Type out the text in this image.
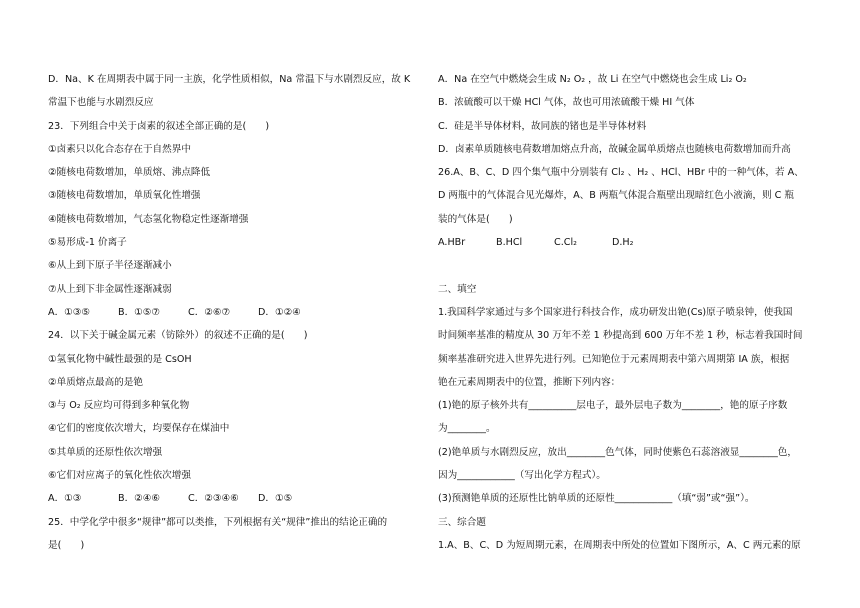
D．Na、K 在周期表中属于同一主族，化学性质相似，Na 常温下与水剧烈反应，故 K
常温下也能与水剧烈反应
23．下列组合中关于卤素的叙述全部正确的是(　　)
①卤素只以化合态存在于自然界中
②随核电荷数增加，单质熔、沸点降低
③随核电荷数增加，单质氧化性增强
④随核电荷数增加，气态氢化物稳定性逐渐增强
⑤易形成-1 价离子
⑥从上到下原子半径逐渐减小
⑦从上到下非金属性逐渐减弱
A．①③⑤	B．①⑤⑦	C．②⑥⑦	D．①②④
24．以下关于碱金属元素（钫除外）的叙述不正确的是(　　)
①氢氧化物中碱性最强的是 CsOH
②单质熔点最高的是铯
③与 O₂ 反应均可得到多种氧化物
④它们的密度依次增大，均要保存在煤油中
⑤其单质的还原性依次增强
⑥它们对应离子的氧化性依次增强
A．①③	B．②④⑥	C．②③④⑥	D．①⑤
25．中学化学中很多“规律”都可以类推，下列根据有关“规律”推出的结论正确的
是(　　)
A．Na 在空气中燃烧会生成 N₂ O₂ ，故 Li 在空气中燃烧也会生成 Li₂ O₂
B．浓硫酸可以干燥 HCl 气体，故也可用浓硫酸干燥 HI 气体
C．硅是半导体材料，故同族的锗也是半导体材料
D．卤素单质随核电荷数增加熔点升高，故碱金属单质熔点也随核电荷数增加而升高
26.A、B、C、D 四个集气瓶中分别装有 Cl₂ 、H₂ 、HCl、HBr 中的一种气体，若 A、
D 两瓶中的气体混合见光爆炸，A、B 两瓶气体混合瓶壁出现暗红色小液滴，则 C 瓶
装的气体是(　　)
A.HBr	B.HCl	C.Cl₂	D.H₂
二、填空
1.我国科学家通过与多个国家进行科技合作，成功研发出铯(Cs)原子喷泉钟，使我国
时间频率基准的精度从 30 万年不差 1 秒提高到 600 万年不差 1 秒，标志着我国时间
频率基准研究进入世界先进行列。已知铯位于元素周期表中第六周期第 IA 族，根据
铯在元素周期表中的位置，推断下列内容：
(1)铯的原子核外共有__________层电子，最外层电子数为________，铯的原子序数
为________。
(2)铯单质与水剧烈反应，放出________色气体，同时使紫色石蕊溶液显________色，
因为____________（写出化学方程式）。
(3)预测铯单质的还原性比钠单质的还原性____________（填“弱”或“强”）。
三、综合题
1.A、B、C、D 为短周期元素，在周期表中所处的位置如下图所示，A、C 两元素的原
